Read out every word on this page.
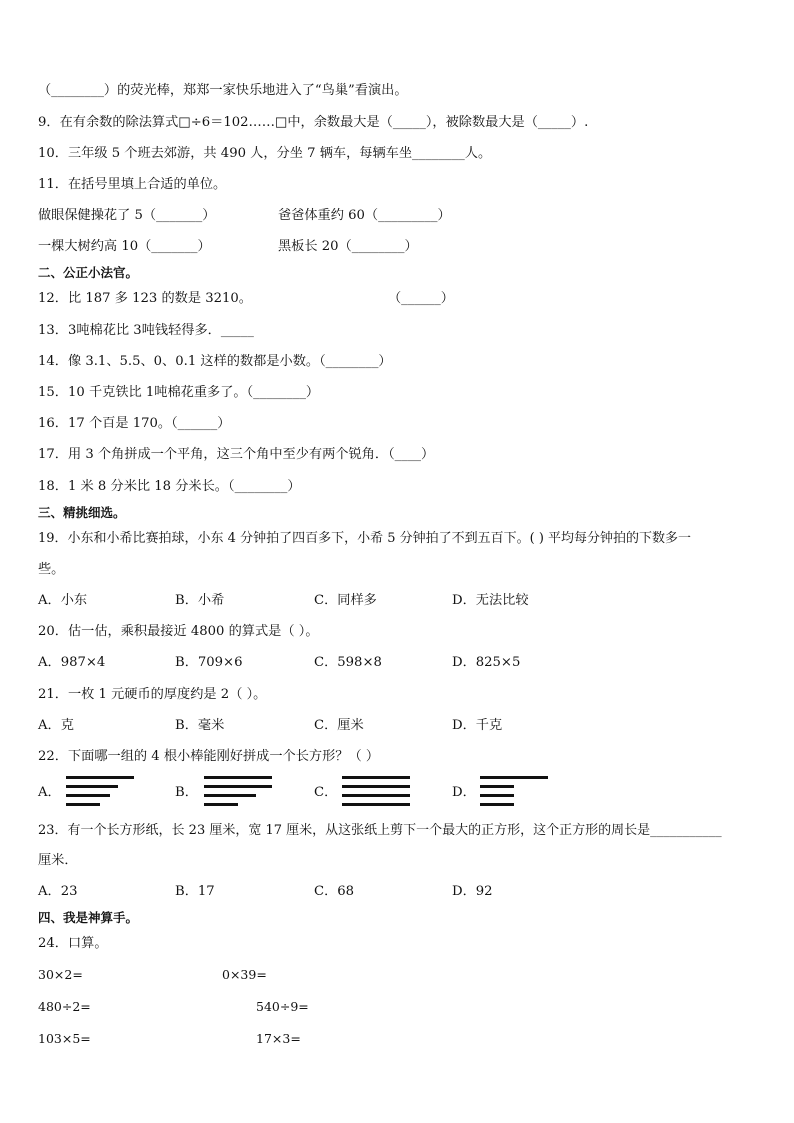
（________）的荧光棒，郑郑一家快乐地进入了“鸟巢”看演出。
9．在有余数的除法算式□÷6＝102……□中，余数最大是（_____），被除数最大是（_____）.
10．三年级 5 个班去郊游，共 490 人，分坐 7 辆车，每辆车坐________人。
11．在括号里填上合适的单位。
做眼保健操花了 5（_______）	爸爸体重约 60（_________）
一棵大树约高 10（_______）	黑板长 20（________）
二、公正小法官。
12．比 187 多 123 的数是 3210。	（______）
13．3吨棉花比 3吨钱轻得多．_____
14．像 3.1、5.5、0、0.1 这样的数都是小数。（________）
15．10 千克铁比 1吨棉花重多了。（________）
16．17 个百是 170。（______）
17．用 3 个角拼成一个平角，这三个角中至少有两个锐角．（____）
18．1 米 8 分米比 18 分米长。（________）
三、精挑细选。
19．小东和小希比赛拍球，小东 4 分钟拍了四百多下，小希 5 分钟拍了不到五百下。( ) 平均每分钟拍的下数多一
些。
A．小东	B．小希	C．同样多	D．无法比较
20．估一估，乘积最接近 4800 的算式是（ ）。
A．987×4	B．709×6	C．598×8	D．825×5
21．一枚 1 元硬币的厚度约是 2（ ）。
A．克	B．毫米	C．厘米	D．千克
22．下面哪一组的 4 根小棒能刚好拼成一个长方形？（ ）
A．	B．	C．	D．
23．有一个长方形纸，长 23 厘米，宽 17 厘米，从这张纸上剪下一个最大的正方形，这个正方形的周长是___________
厘米．
A．23	B．17	C．68	D．92
四、我是神算手。
24．口算。
30×2=	0×39=
480÷2=	540÷9=
103×5=	17×3=
